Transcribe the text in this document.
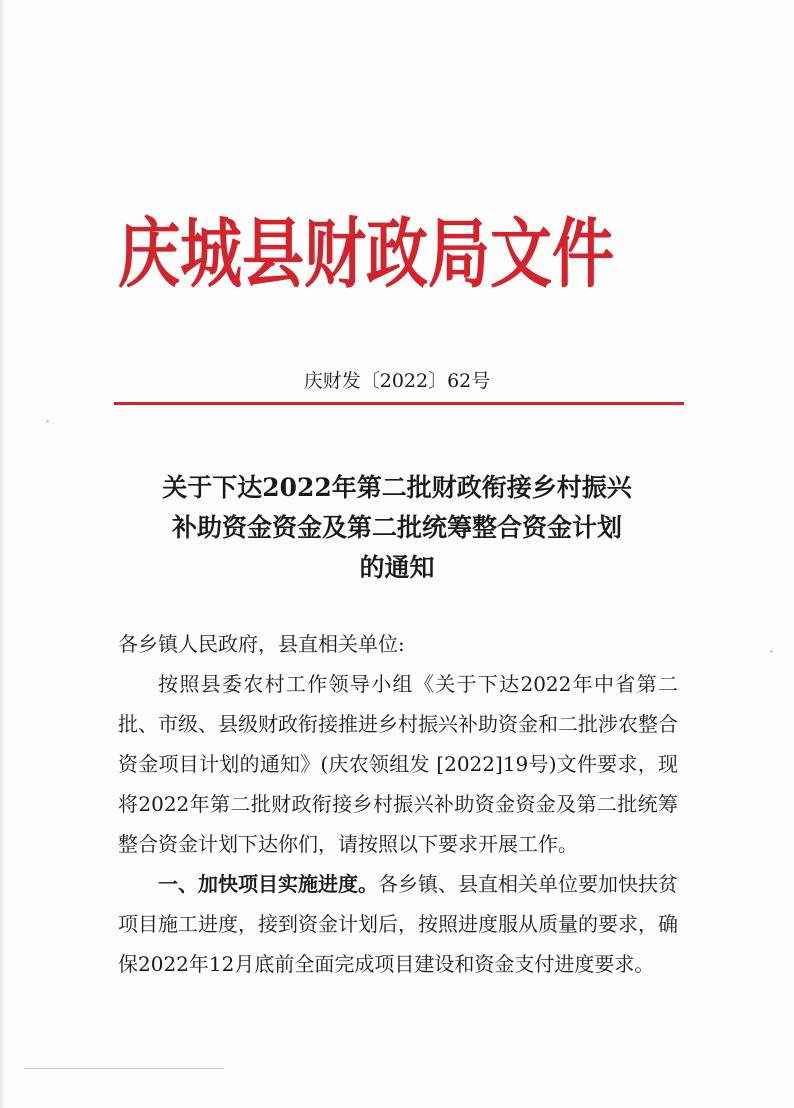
庆城县财政局文件
庆财发〔2022〕62号
关于下达2022年第二批财政衔接乡村振兴
补助资金资金及第二批统筹整合资金计划
的通知

各乡镇人民政府，县直相关单位:

按照县委农村工作领导小组《关于下达2022年中省第二批、市级、县级财政衔接推进乡村振兴补助资金和二批涉农整合资金项目计划的通知》(庆农领组发 [2022]19号)文件要求，现将2022年第二批财政衔接乡村振兴补助资金资金及第二批统筹整合资金计划下达你们，请按照以下要求开展工作。

一、加快项目实施进度。各乡镇、县直相关单位要加快扶贫项目施工进度，接到资金计划后，按照进度服从质量的要求，确保2022年12月底前全面完成项目建设和资金支付进度要求。
